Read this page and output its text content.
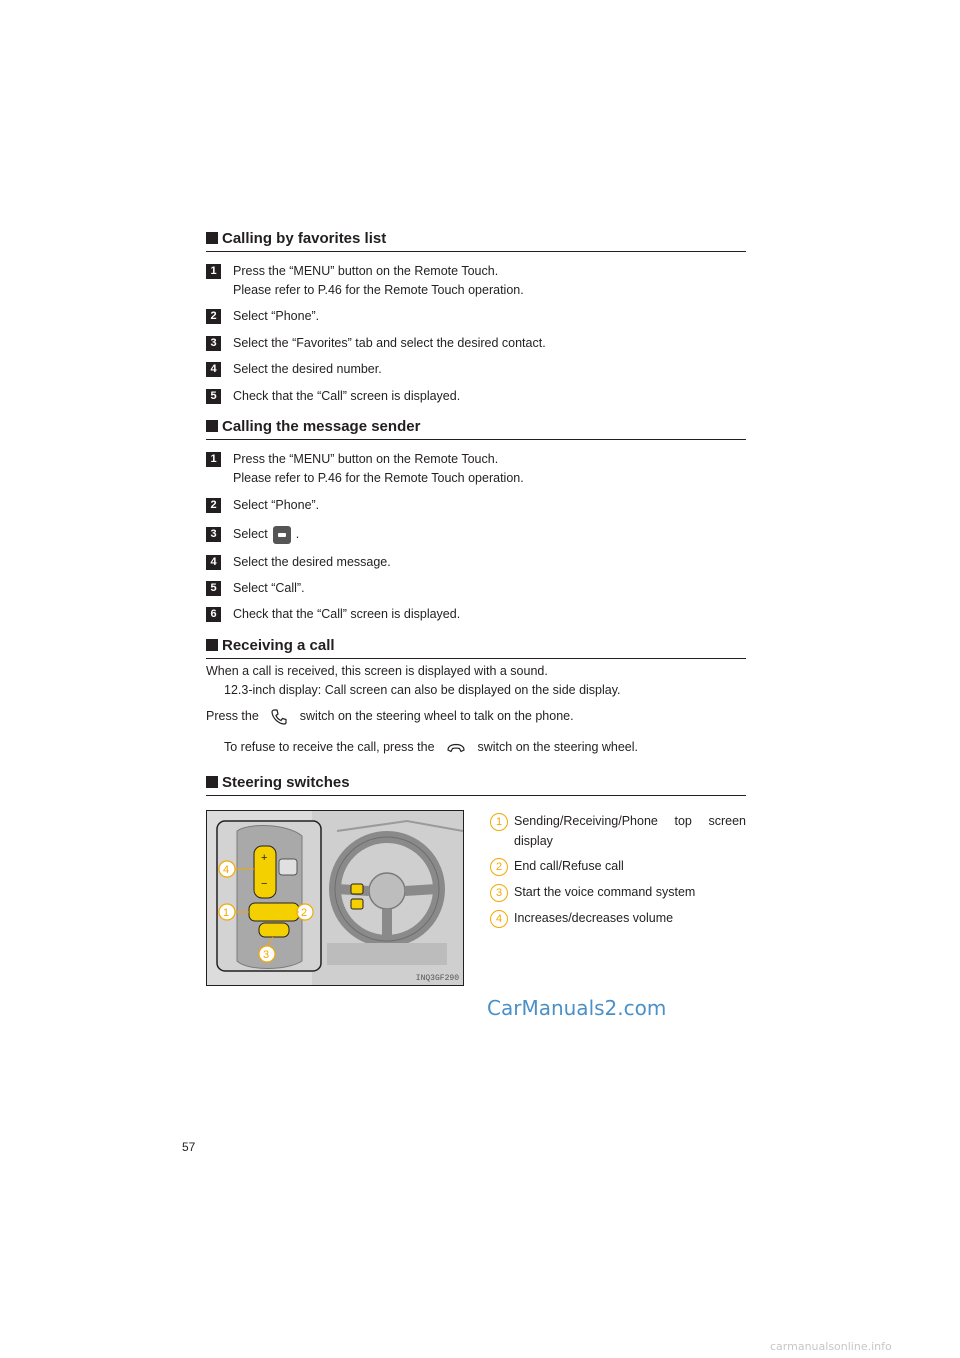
Calling by favorites list
1	Press the “MENU” button on the Remote Touch.
Please refer to P.46 for the Remote Touch operation.
2	Select “Phone”.
3	Select the “Favorites” tab and select the desired contact.
4	Select the desired number.
5	Check that the “Call” screen is displayed.
Calling the message sender
1	Press the “MENU” button on the Remote Touch.
Please refer to P.46 for the Remote Touch operation.
2	Select “Phone”.
3	Select .
4	Select the desired message.
5	Select “Call”.
6	Check that the “Call” screen is displayed.
Receiving a call
When a call is received, this screen is displayed with a sound.
12.3-inch display: Call screen can also be displayed on the side display.
Press the	switch on the steering wheel to talk on the phone.
To refuse to receive the call, press the	switch on the steering wheel.
Steering switches
+
−
4
1	2
3
INQ3GF290
1 Sending/Receiving/Phone top screen display
2 End call/Refuse call
3 Start the voice command system
4 Increases/decreases volume
CarManuals2.com
57
carmanualsonline.info
